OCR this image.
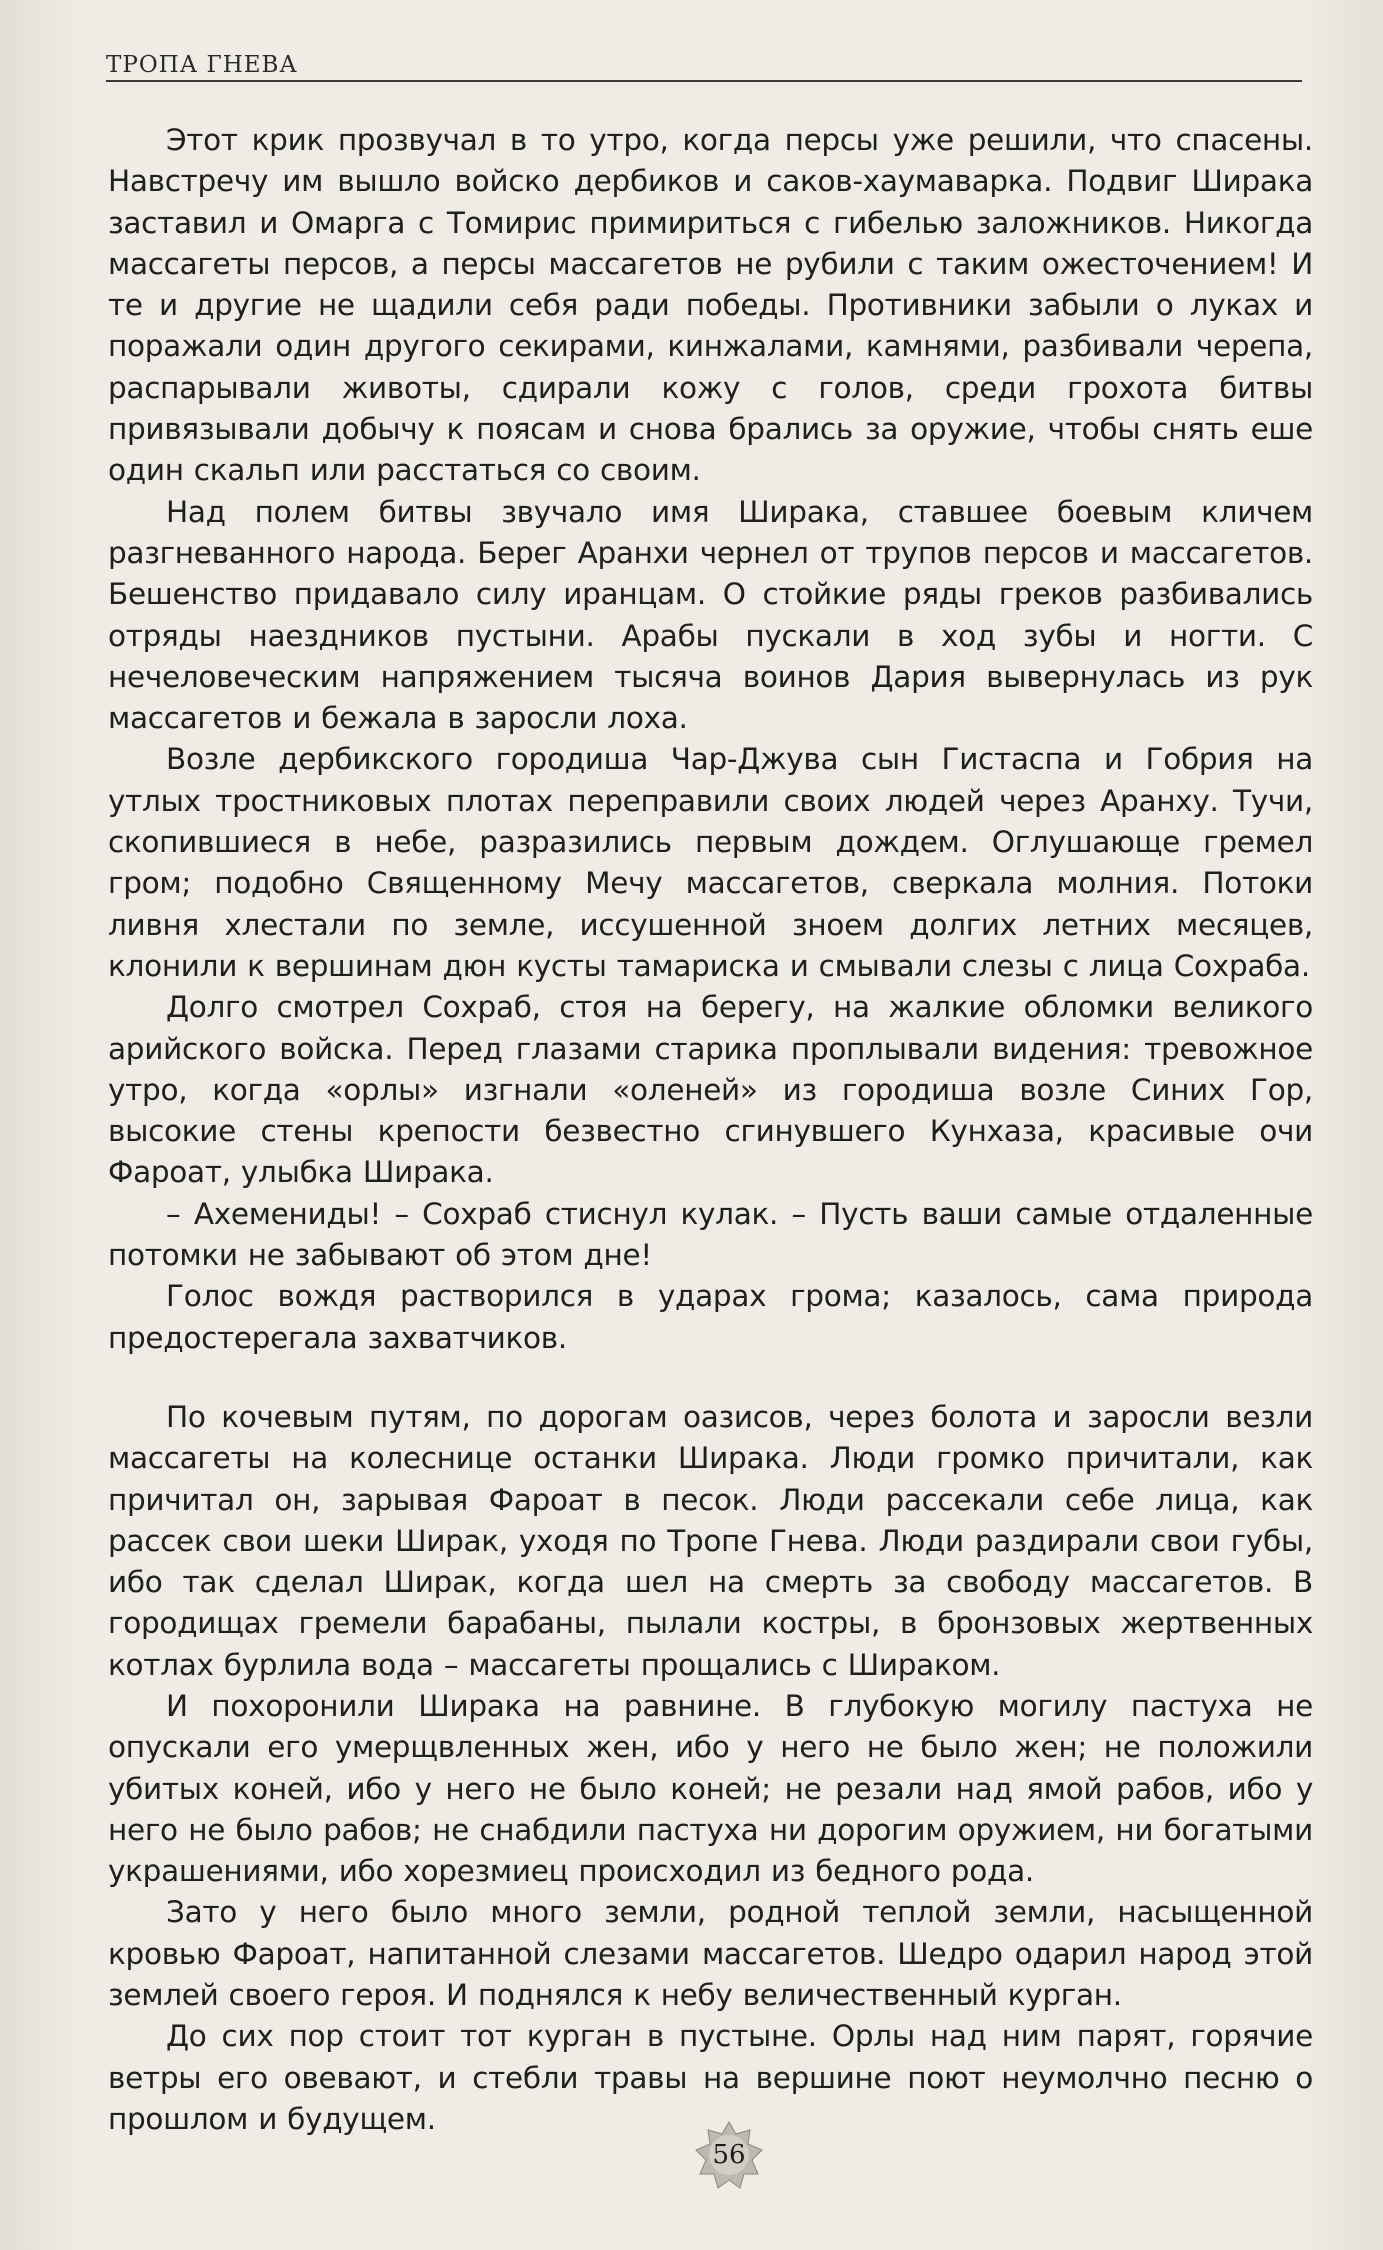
ТРОПА ГНЕВА

Этот крик прозвучал в то утро, когда персы уже решили, что спасены. Навстречу им вышло войско дербиков и саков-хаумаварка. Подвиг Ширака заставил и Омарга с Томирис примириться с гибелью заложников. Никогда массагеты персов, а персы массагетов не рубили с таким ожесточением! И те и другие не щадили себя ради победы. Противники забыли о луках и поражали один другого секирами, кинжалами, камнями, разбивали черепа, распарывали животы, сдирали кожу с голов, среди грохота битвы привязывали добычу к поясам и снова брались за оружие, чтобы снять еше один скальп или расстаться со своим.

Над полем битвы звучало имя Ширака, ставшее боевым кличем разгневанного народа. Берег Аранхи чернел от трупов персов и массагетов. Бешенство придавало силу иранцам. О стойкие ряды греков разбивались отряды наездников пустыни. Арабы пускали в ход зубы и ногти. С нечеловеческим напряжением тысяча воинов Дария вывернулась из рук массагетов и бежала в заросли лоха.

Возле дербикского городиша Чар-Джува сын Гистаспа и Гобрия на утлых тростниковых плотах переправили своих людей через Аранху. Тучи, скопившиеся в небе, разразились первым дождем. Оглушающе гремел гром; подобно Священному Мечу массагетов, сверкала молния. Потоки ливня хлестали по земле, иссушенной зноем долгих летних месяцев, клонили к вершинам дюн кусты тамариска и смывали слезы с лица Сохраба.

Долго смотрел Сохраб, стоя на берегу, на жалкие обломки великого арийского войска. Перед глазами старика проплывали видения: тревожное утро, когда «орлы» изгнали «оленей» из городиша возле Синих Гор, высокие стены крепости безвестно сгинувшего Кунхаза, красивые очи Фароат, улыбка Ширака.

– Ахемениды! – Сохраб стиснул кулак. – Пусть ваши самые отдаленные потомки не забывают об этом дне!

Голос вождя растворился в ударах грома; казалось, сама природа предостерегала захватчиков.

По кочевым путям, по дорогам оазисов, через болота и заросли везли массагеты на колеснице останки Ширака. Люди громко причитали, как причитал он, зарывая Фароат в песок. Люди рассекали себе лица, как рассек свои шеки Ширак, уходя по Тропе Гнева. Люди раздирали свои губы, ибо так сделал Ширак, когда шел на смерть за свободу массагетов. В городищах гремели барабаны, пылали костры, в бронзовых жертвенных котлах бурлила вода – массагеты прощались с Шираком.

И похоронили Ширака на равнине. В глубокую могилу пастуха не опускали его умерщвленных жен, ибо у него не было жен; не положили убитых коней, ибо у него не было коней; не резали над ямой рабов, ибо у него не было рабов; не снабдили пастуха ни дорогим оружием, ни богатыми украшениями, ибо хорезмиец происходил из бедного рода.

Зато у него было много земли, родной теплой земли, насыщенной кровью Фароат, напитанной слезами массагетов. Шедро одарил народ этой землей своего героя. И поднялся к небу величественный курган.

До сих пор стоит тот курган в пустыне. Орлы над ним парят, горячие ветры его овевают, и стебли травы на вершине поют неумолчно песню о прошлом и будущем.

56
